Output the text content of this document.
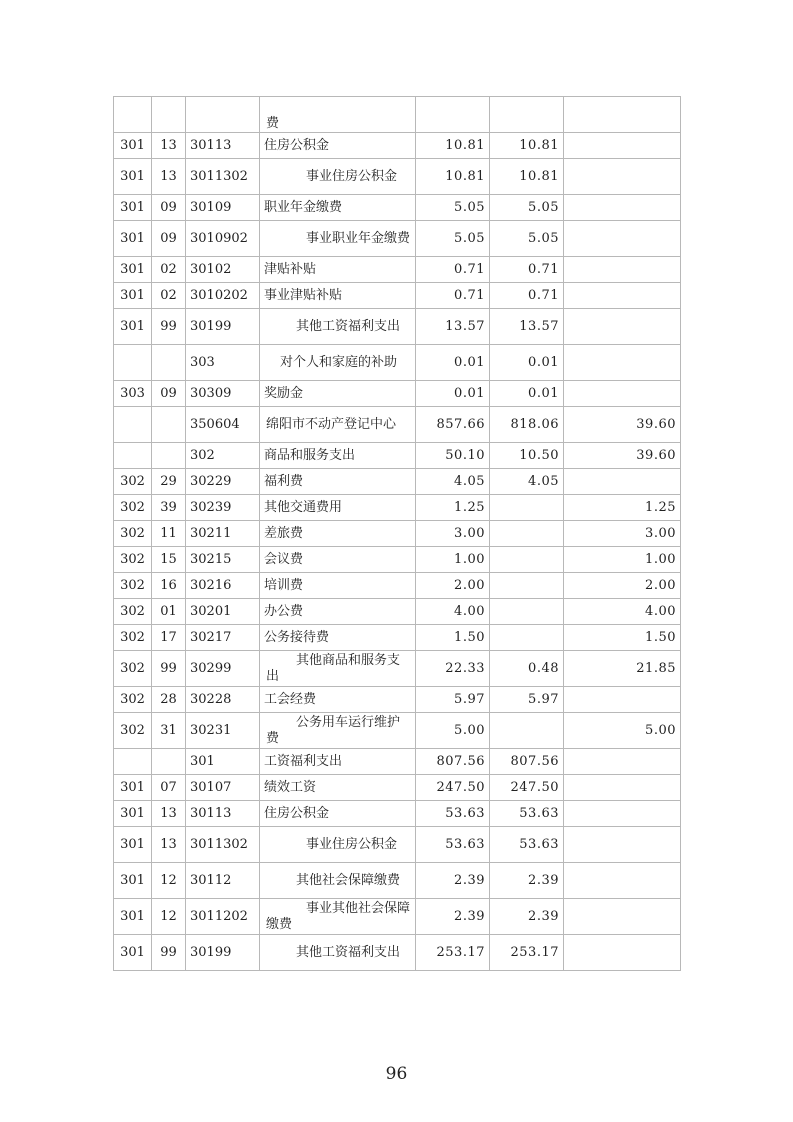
			费			
301	13	30113	住房公积金	10.81	10.81	
301	13	3011302	事业住房公积金	10.81	10.81	
301	09	30109	职业年金缴费	5.05	5.05	
301	09	3010902	事业职业年金缴费	5.05	5.05	
301	02	30102	津贴补贴	0.71	0.71	
301	02	3010202	事业津贴补贴	0.71	0.71	
301	99	30199	其他工资福利支出	13.57	13.57	
		303	对个人和家庭的补助	0.01	0.01	
303	09	30309	奖励金	0.01	0.01	
		350604	绵阳市不动产登记中心	857.66	818.06	39.60
		302	商品和服务支出	50.10	10.50	39.60
302	29	30229	福利费	4.05	4.05	
302	39	30239	其他交通费用	1.25		1.25
302	11	30211	差旅费	3.00		3.00
302	15	30215	会议费	1.00		1.00
302	16	30216	培训费	2.00		2.00
302	01	30201	办公费	4.00		4.00
302	17	30217	公务接待费	1.50		1.50
302	99	30299	其他商品和服务支出	22.33	0.48	21.85
302	28	30228	工会经费	5.97	5.97	
302	31	30231	公务用车运行维护费	5.00		5.00
		301	工资福利支出	807.56	807.56	
301	07	30107	绩效工资	247.50	247.50	
301	13	30113	住房公积金	53.63	53.63	
301	13	3011302	事业住房公积金	53.63	53.63	
301	12	30112	其他社会保障缴费	2.39	2.39	
301	12	3011202	事业其他社会保障缴费	2.39	2.39	
301	99	30199	其他工资福利支出	253.17	253.17	
96
